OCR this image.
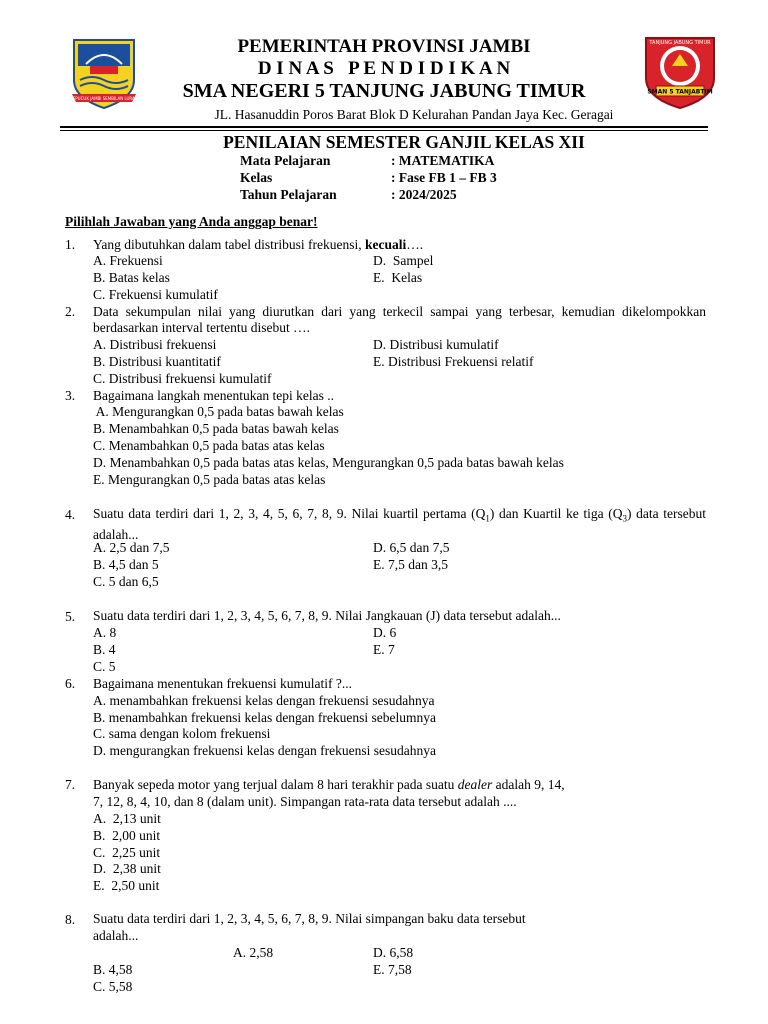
SEPUCUK JAMBI SEMBILAN LURAH
SMAN 5 TANJABTIM
TANJUNG JABUNG TIMUR
PEMERINTAH PROVINSI JAMBI
D I N A S   P E N D I D I K A N
SMA NEGERI 5 TANJUNG JABUNG TIMUR
JL. Hasanuddin Poros Barat Blok D Kelurahan Pandan Jaya Kec. Geragai
PENILAIAN SEMESTER GANJIL KELAS XII
Mata Pelajaran	: MATEMATIKA
Kelas	: Fase FB 1 – FB 3
Tahun Pelajaran	: 2024/2025
Pilihlah Jawaban yang Anda anggap benar!
1. Yang dibutuhkan dalam tabel distribusi frekuensi, kecuali….
A. Frekuensi
B. Batas kelas
C. Frekuensi kumulatif
D.  Sampel
E.  Kelas
2. Data sekumpulan nilai yang diurutkan dari yang terkecil sampai yang terbesar, kemudian dikelompokkan berdasarkan interval tertentu disebut ….
A. Distribusi frekuensi
B. Distribusi kuantitatif
C. Distribusi frekuensi kumulatif
D. Distribusi kumulatif
E. Distribusi Frekuensi relatif
3. Bagaimana langkah menentukan tepi kelas ..
A. Mengurangkan 0,5 pada batas bawah kelas
B. Menambahkan 0,5 pada batas bawah kelas
C. Menambahkan 0,5 pada batas atas kelas
D. Menambahkan 0,5 pada batas atas kelas, Mengurangkan 0,5 pada batas bawah kelas
E. Mengurangkan 0,5 pada batas atas kelas
4. Suatu data terdiri dari 1, 2, 3, 4, 5, 6, 7, 8, 9. Nilai kuartil pertama $(Q_1)$ dan Kuartil ke tiga $(Q_3)$ data tersebut adalah...
A. 2,5 dan 7,5
B. 4,5 dan 5
C. 5 dan 6,5
D. 6,5 dan 7,5
E. 7,5 dan 3,5
5. Suatu data terdiri dari 1, 2, 3, 4, 5, 6, 7, 8, 9. Nilai Jangkauan (J) data tersebut adalah...
A. 8
B. 4
C. 5
D. 6
E. 7
6. Bagaimana menentukan frekuensi kumulatif ?...
A. menambahkan frekuensi kelas dengan frekuensi sesudahnya
B. menambahkan frekuensi kelas dengan frekuensi sebelumnya
C. sama dengan kolom frekuensi
D. mengurangkan frekuensi kelas dengan frekuensi sesudahnya
7. Banyak sepeda motor yang terjual dalam 8 hari terakhir pada suatu dealer adalah 9, 14,
7, 12, 8, 4, 10, dan 8 (dalam unit). Simpangan rata-rata data tersebut adalah ....
A.  2,13 unit
B.  2,00 unit
C.  2,25 unit
D.  2,38 unit
E.  2,50 unit
8. Suatu data terdiri dari 1, 2, 3, 4, 5, 6, 7, 8, 9. Nilai simpangan baku data tersebut
adalah...
A. 2,58
B. 4,58
C. 5,58
D. 6,58
E. 7,58
